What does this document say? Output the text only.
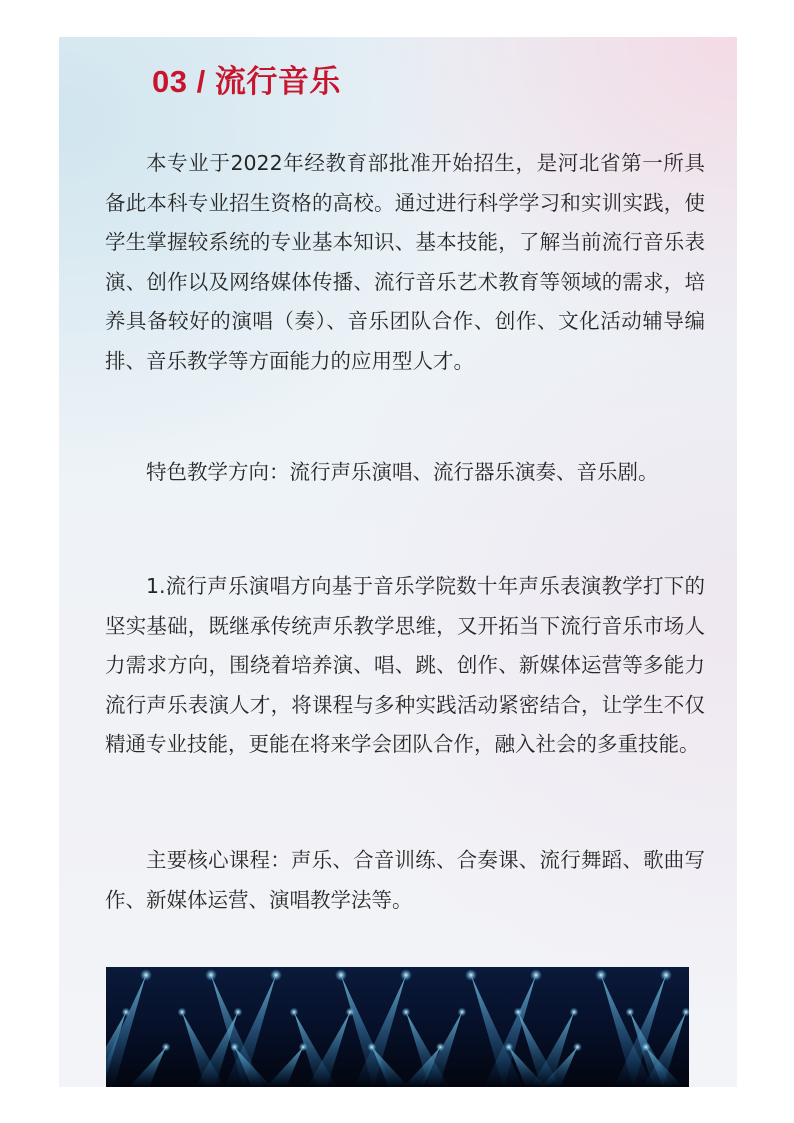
03 / 流行音乐

本专业于2022年经教育部批准开始招生，是河北省第一所具备此本科专业招生资格的高校。通过进行科学学习和实训实践，使学生掌握较系统的专业基本知识、基本技能，了解当前流行音乐表演、创作以及网络媒体传播、流行音乐艺术教育等领域的需求，培养具备较好的演唱（奏）、音乐团队合作、创作、文化活动辅导编排、音乐教学等方面能力的应用型人才。

特色教学方向：流行声乐演唱、流行器乐演奏、音乐剧。

1.流行声乐演唱方向基于音乐学院数十年声乐表演教学打下的坚实基础，既继承传统声乐教学思维，又开拓当下流行音乐市场人力需求方向，围绕着培养演、唱、跳、创作、新媒体运营等多能力流行声乐表演人才，将课程与多种实践活动紧密结合，让学生不仅精通专业技能，更能在将来学会团队合作，融入社会的多重技能。

主要核心课程：声乐、合音训练、合奏课、流行舞蹈、歌曲写作、新媒体运营、演唱教学法等。
